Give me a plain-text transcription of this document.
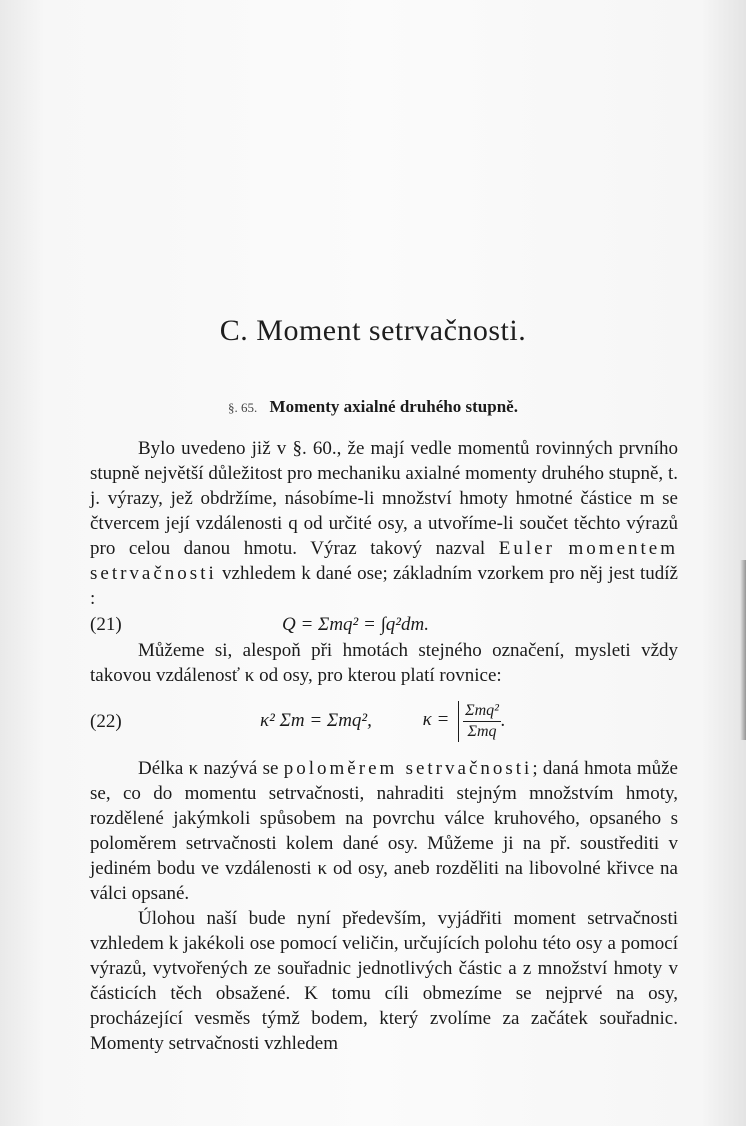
C. Moment setrvačnosti.
§. 65. Momenty axialné druhého stupně.

Bylo uvedeno již v §. 60., že mají vedle momentů rovinných prvního stupně největší důležitost pro mechaniku axialné momenty druhého stupně, t. j. výrazy, jež obdržíme, násobíme-li množství hmoty hmotné částice m se čtvercem její vzdálenosti q od určité osy, a utvoříme-li součet těchto výrazů pro celou danou hmotu. Výraz takový nazval Euler momentem setrvačnosti vzhledem k dané ose; základním vzorkem pro něj jest tudíž :

(21)	Q = Σmq² = ∫q²dm.

Můžeme si, alespoň při hmotách stejného označení, mysleti vždy takovou vzdálenosť κ od osy, pro kterou platí rovnice:

(22)	κ² Σm = Σmq²,	$\kappa = \frac{\text{Σmq²}}{\text{Σmq}}$ .

Délka κ nazývá se poloměrem setrvačnosti; daná hmota může se, co do momentu setrvačnosti, nahraditi stejným množstvím hmoty, rozdělené jakýmkoli spůsobem na povrchu válce kruhového, opsaného s poloměrem setrvačnosti kolem dané osy. Můžeme ji na př. soustřediti v jediném bodu ve vzdálenosti κ od osy, aneb rozděliti na libovolné křivce na válci opsané.

Úlohou naší bude nyní především, vyjádřiti moment setrvačnosti vzhledem k jakékoli ose pomocí veličin, určujících polohu této osy a pomocí výrazů, vytvořených ze souřadnic jednotlivých částic a z množství hmoty v částicích těch obsažené. K tomu cíli obmezíme se nejprvé na osy, procházející vesměs týmž bodem, který zvolíme za začátek souřadnic. Momenty setrvačnosti vzhledem
